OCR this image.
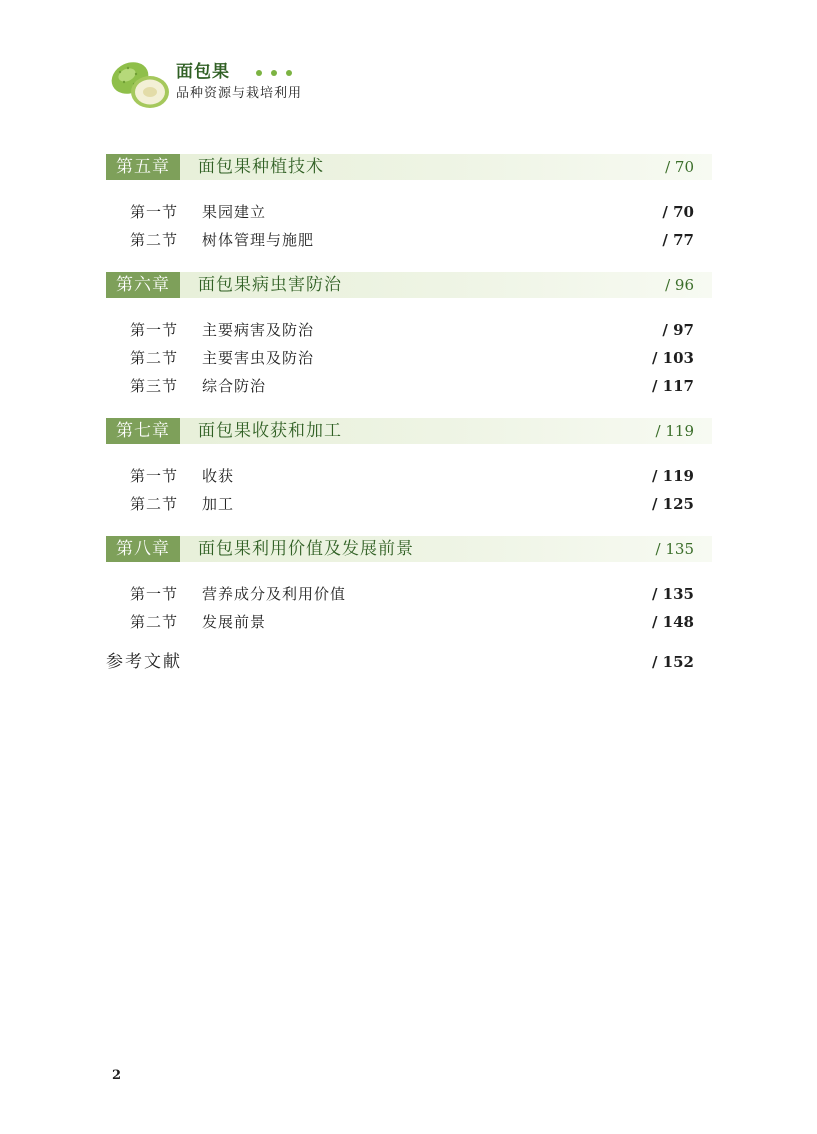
面包果
品种资源与栽培利用
第五章	面包果种植技术	/ 70
第一节 果园建立	/ 70
第二节 树体管理与施肥	/ 77
第六章	面包果病虫害防治	/ 96
第一节 主要病害及防治	/ 97
第二节 主要害虫及防治	/ 103
第三节 综合防治	/ 117
第七章	面包果收获和加工	/ 119
第一节 收获	/ 119
第二节 加工	/ 125
第八章	面包果利用价值及发展前景	/ 135
第一节 营养成分及利用价值	/ 135
第二节 发展前景	/ 148
参考文献	/ 152
2
